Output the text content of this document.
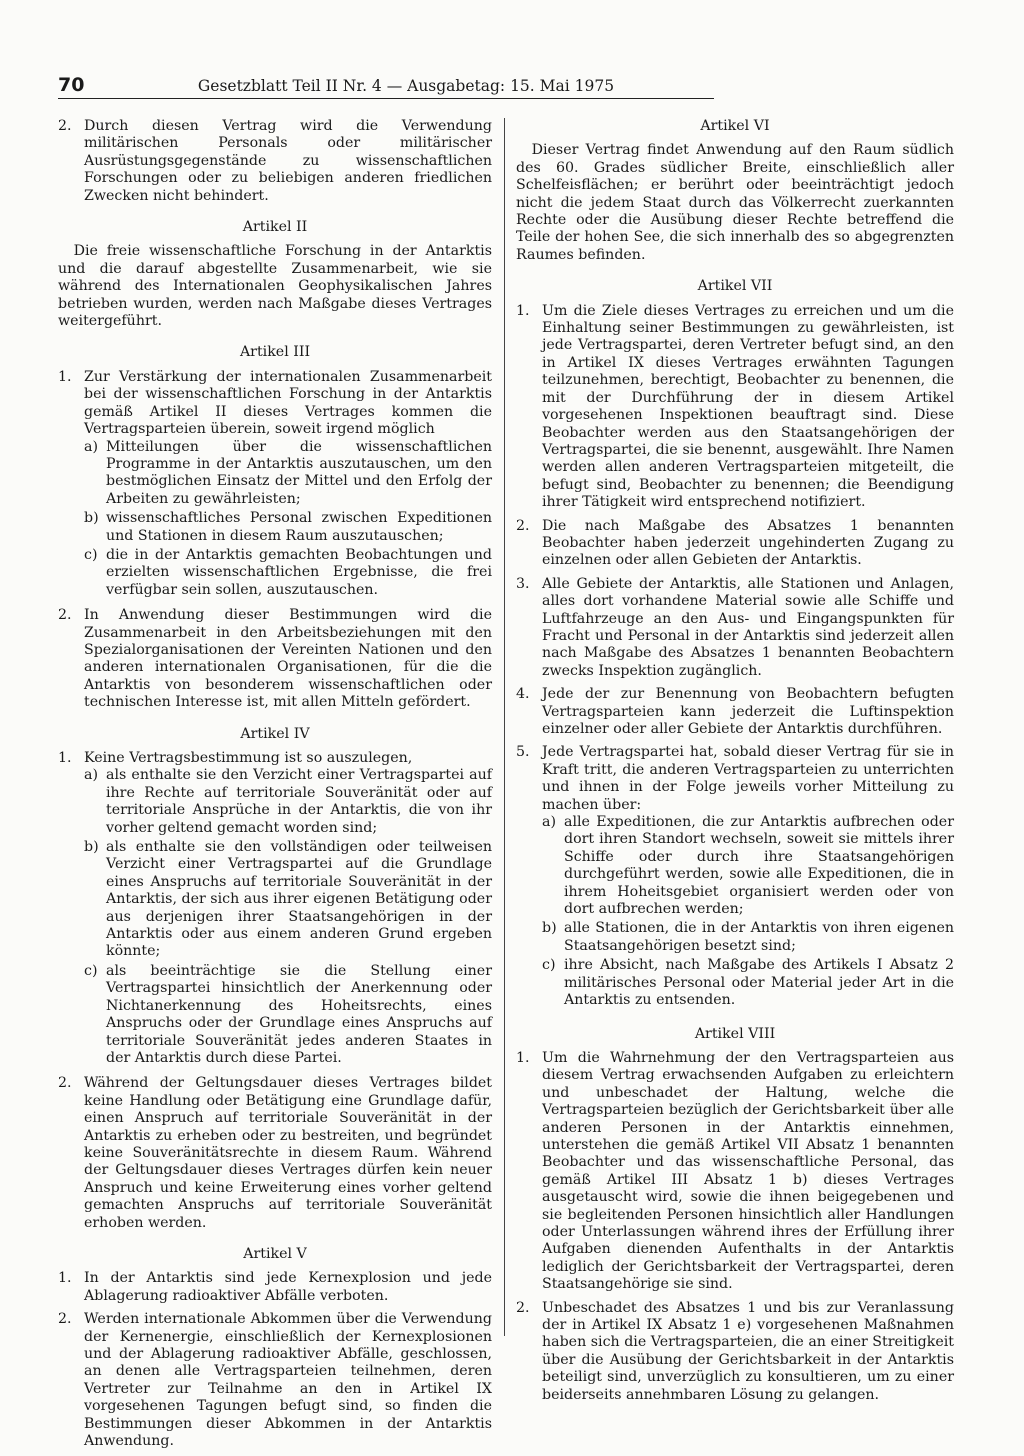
70	Gesetzblatt Teil II Nr. 4 — Ausgabetag: 15. Mai 1975
2. Durch diesen Vertrag wird die Verwendung militärischen Personals oder militärischer Ausrüstungsgegenstände zu wissenschaftlichen Forschungen oder zu beliebigen anderen friedlichen Zwecken nicht behindert.
Artikel II

Die freie wissenschaftliche Forschung in der Antarktis und die darauf abgestellte Zusammenarbeit, wie sie während des Internationalen Geophysikalischen Jahres betrieben wurden, werden nach Maßgabe dieses Vertrages weitergeführt.

Artikel III
1. Zur Verstärkung der internationalen Zusammenarbeit bei der wissenschaftlichen Forschung in der Antarktis gemäß Artikel II dieses Vertrages kommen die Vertragsparteien überein, soweit irgend möglich

a) Mitteilungen über die wissenschaftlichen Programme in der Antarktis auszutauschen, um den bestmöglichen Einsatz der Mittel und den Erfolg der Arbeiten zu gewährleisten;
b) wissenschaftliches Personal zwischen Expeditionen und Stationen in diesem Raum auszutauschen;
c) die in der Antarktis gemachten Beobachtungen und erzielten wissenschaftlichen Ergebnisse, die frei verfügbar sein sollen, auszutauschen.
2. In Anwendung dieser Bestimmungen wird die Zusammenarbeit in den Arbeitsbeziehungen mit den Spezialorganisationen der Vereinten Nationen und den anderen internationalen Organisationen, für die die Antarktis von besonderem wissenschaftlichen oder technischen Interesse ist, mit allen Mitteln gefördert.
Artikel IV
1. Keine Vertragsbestimmung ist so auszulegen,

a) als enthalte sie den Verzicht einer Vertragspartei auf ihre Rechte auf territoriale Souveränität oder auf territoriale Ansprüche in der Antarktis, die von ihr vorher geltend gemacht worden sind;
b) als enthalte sie den vollständigen oder teilweisen Verzicht einer Vertragspartei auf die Grundlage eines Anspruchs auf territoriale Souveränität in der Antarktis, der sich aus ihrer eigenen Betätigung oder aus derjenigen ihrer Staatsangehörigen in der Antarktis oder aus einem anderen Grund ergeben könnte;
c) als beeinträchtige sie die Stellung einer Vertragspartei hinsichtlich der Anerkennung oder Nichtanerkennung des Hoheitsrechts, eines Anspruchs oder der Grundlage eines Anspruchs auf territoriale Souveränität jedes anderen Staates in der Antarktis durch diese Partei.
2. Während der Geltungsdauer dieses Vertrages bildet keine Handlung oder Betätigung eine Grundlage dafür, einen Anspruch auf territoriale Souveränität in der Antarktis zu erheben oder zu bestreiten, und begründet keine Souveränitätsrechte in diesem Raum. Während der Geltungsdauer dieses Vertrages dürfen kein neuer Anspruch und keine Erweiterung eines vorher geltend gemachten Anspruchs auf territoriale Souveränität erhoben werden.
Artikel V
1. In der Antarktis sind jede Kernexplosion und jede Ablagerung radioaktiver Abfälle verboten.
2. Werden internationale Abkommen über die Verwendung der Kernenergie, einschließlich der Kernexplosionen und der Ablagerung radioaktiver Abfälle, geschlossen, an denen alle Vertragsparteien teilnehmen, deren Vertreter zur Teilnahme an den in Artikel IX vorgesehenen Tagungen befugt sind, so finden die Bestimmungen dieser Abkommen in der Antarktis Anwendung.
Artikel VI

Dieser Vertrag findet Anwendung auf den Raum südlich des 60. Grades südlicher Breite, einschließlich aller Schelfeisflächen; er berührt oder beeinträchtigt jedoch nicht die jedem Staat durch das Völkerrecht zuerkannten Rechte oder die Ausübung dieser Rechte betreffend die Teile der hohen See, die sich innerhalb des so abgegrenzten Raumes befinden.

Artikel VII
1. Um die Ziele dieses Vertrages zu erreichen und um die Einhaltung seiner Bestimmungen zu gewährleisten, ist jede Vertragspartei, deren Vertreter befugt sind, an den in Artikel IX dieses Vertrages erwähnten Tagungen teilzunehmen, berechtigt, Beobachter zu benennen, die mit der Durchführung der in diesem Artikel vorgesehenen Inspektionen beauftragt sind. Diese Beobachter werden aus den Staatsangehörigen der Vertragspartei, die sie benennt, ausgewählt. Ihre Namen werden allen anderen Vertragsparteien mitgeteilt, die befugt sind, Beobachter zu benennen; die Beendigung ihrer Tätigkeit wird entsprechend notifiziert.
2. Die nach Maßgabe des Absatzes 1 benannten Beobachter haben jederzeit ungehinderten Zugang zu einzelnen oder allen Gebieten der Antarktis.
3. Alle Gebiete der Antarktis, alle Stationen und Anlagen, alles dort vorhandene Material sowie alle Schiffe und Luftfahrzeuge an den Aus- und Eingangspunkten für Fracht und Personal in der Antarktis sind jederzeit allen nach Maßgabe des Absatzes 1 benannten Beobachtern zwecks Inspektion zugänglich.
4. Jede der zur Benennung von Beobachtern befugten Vertragsparteien kann jederzeit die Luftinspektion einzelner oder aller Gebiete der Antarktis durchführen.
5. Jede Vertragspartei hat, sobald dieser Vertrag für sie in Kraft tritt, die anderen Vertragsparteien zu unterrichten und ihnen in der Folge jeweils vorher Mitteilung zu machen über:

a) alle Expeditionen, die zur Antarktis aufbrechen oder dort ihren Standort wechseln, soweit sie mittels ihrer Schiffe oder durch ihre Staatsangehörigen durchgeführt werden, sowie alle Expeditionen, die in ihrem Hoheitsgebiet organisiert werden oder von dort aufbrechen werden;
b) alle Stationen, die in der Antarktis von ihren eigenen Staatsangehörigen besetzt sind;
c) ihre Absicht, nach Maßgabe des Artikels I Absatz 2 militärisches Personal oder Material jeder Art in die Antarktis zu entsenden.
Artikel VIII
1. Um die Wahrnehmung der den Vertragsparteien aus diesem Vertrag erwachsenden Aufgaben zu erleichtern und unbeschadet der Haltung, welche die Vertragsparteien bezüglich der Gerichtsbarkeit über alle anderen Personen in der Antarktis einnehmen, unterstehen die gemäß Artikel VII Absatz 1 benannten Beobachter und das wissenschaftliche Personal, das gemäß Artikel III Absatz 1 b) dieses Vertrages ausgetauscht wird, sowie die ihnen beigegebenen und sie begleitenden Personen hinsichtlich aller Handlungen oder Unterlassungen während ihres der Erfüllung ihrer Aufgaben dienenden Aufenthalts in der Antarktis lediglich der Gerichtsbarkeit der Vertragspartei, deren Staatsangehörige sie sind.
2. Unbeschadet des Absatzes 1 und bis zur Veranlassung der in Artikel IX Absatz 1 e) vorgesehenen Maßnahmen haben sich die Vertragsparteien, die an einer Streitigkeit über die Ausübung der Gerichtsbarkeit in der Antarktis beteiligt sind, unverzüglich zu konsultieren, um zu einer beiderseits annehmbaren Lösung zu gelangen.
